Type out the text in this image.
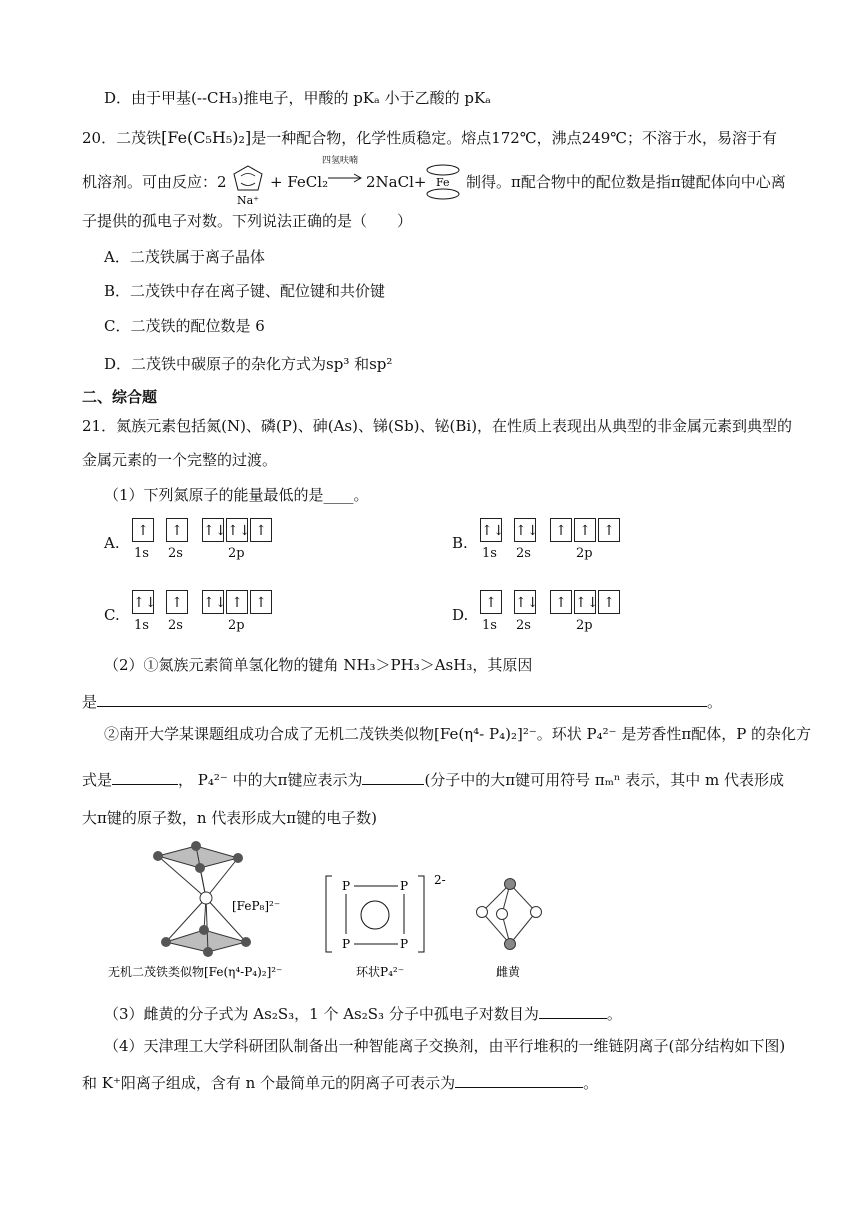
D．由于甲基(--CH₃)推电子，甲酸的 pKₐ 小于乙酸的 pKₐ
20．二茂铁[Fe(C₅H₅)₂]是一种配合物，化学性质稳定。熔点172℃，沸点249℃；不溶于水，易溶于有
机溶剂。可由反应：2
Na⁺
+ FeCl₂
四氢呋喃
→ 2NaCl+ Fe 制得。π配合物中的配位数是指π键配体向中心离
子提供的孤电子对数。下列说法正确的是（　　）
A．二茂铁属于离子晶体
B．二茂铁中存在离子键、配位键和共价键
C．二茂铁的配位数是 6
D．二茂铁中碳原子的杂化方式为sp³ 和sp²
二、综合题
21．氮族元素包括氮(N)、磷(P)、砷(As)、锑(Sb)、铋(Bi)，在性质上表现出从典型的非金属元素到典型的
金属元素的一个完整的过渡。
（1）下列氮原子的能量最低的是____。
A.
↑	↑	↑↓ ↑↓ ↑
1s 2s	2p
B.
↑↓ ↑↓	↑ ↑ ↑
1s 2s	2p
C.
↑↓	↑	↑↓ ↑ ↑
1s 2s	2p
D.
↑	↑↓	↑ ↑↓ ↑
1s 2s	2p
（2）①氮族元素简单氢化物的键角 NH₃＞PH₃＞AsH₃，其原因
是	。
②南开大学某课题组成功合成了无机二茂铁类似物[Fe(η⁴- P₄)₂]²⁻。环状 P₄²⁻ 是芳香性π配体，P 的杂化方
式是	， P₄²⁻ 中的大π键应表示为	(分子中的大π键可用符号 πₘⁿ 表示，其中 m 代表形成
大π键的原子数，n 代表形成大π键的电子数)
[FeP₈]²⁻
无机二茂铁类似物[Fe(η⁴-P₄)₂]²⁻
P	P
P	P
2-
环状P₄²⁻	雌黄
（3）雌黄的分子式为 As₂S₃，1 个 As₂S₃ 分子中孤电子对数目为	。
（4）天津理工大学科研团队制备出一种智能离子交换剂，由平行堆积的一维链阴离子(部分结构如下图)
和 K⁺阳离子组成，含有 n 个最简单元的阴离子可表示为	。
